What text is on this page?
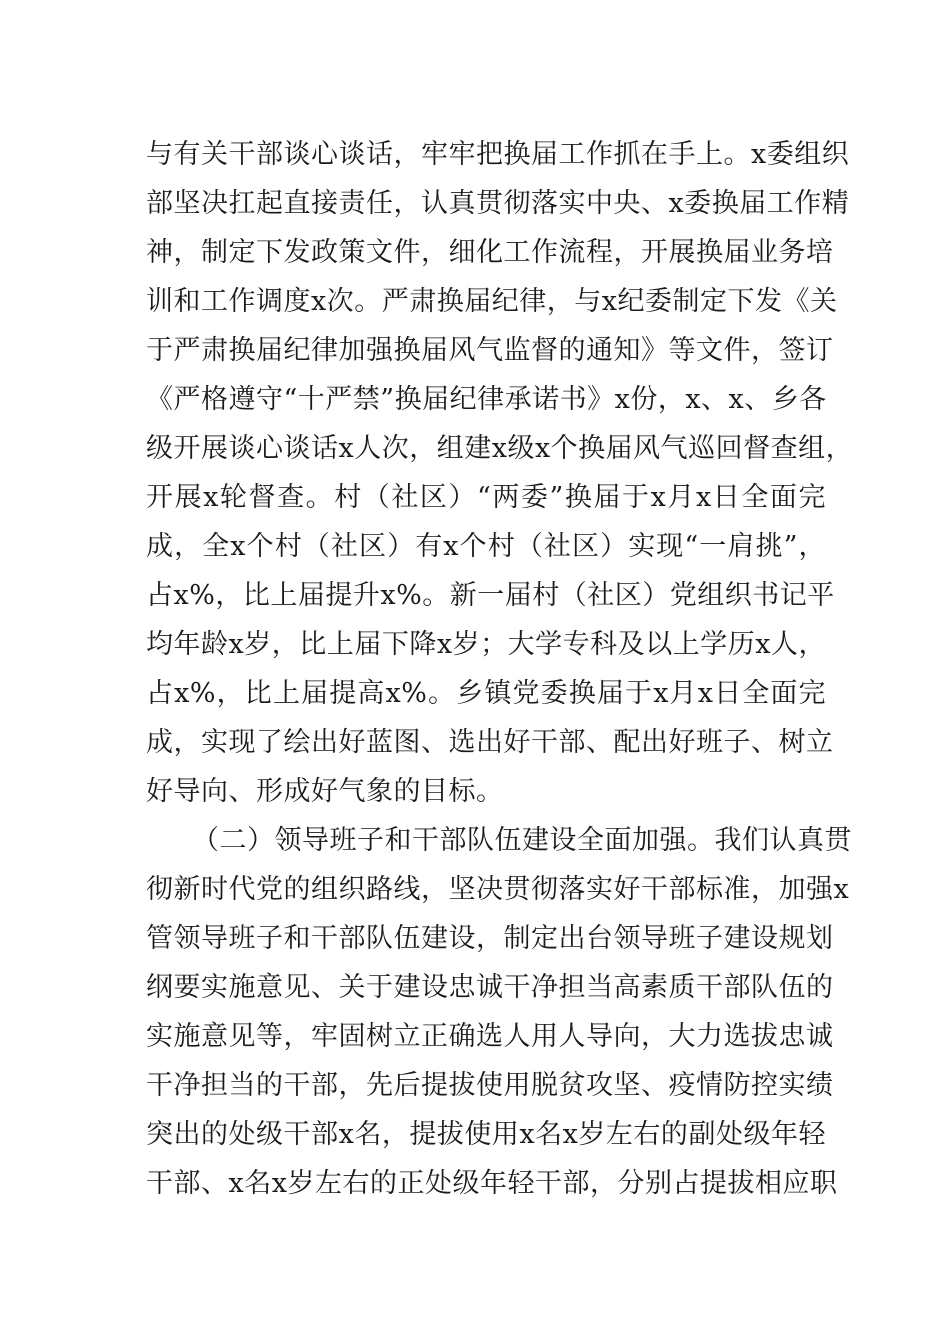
与有关干部谈心谈话，牢牢把换届工作抓在手上。x委组织
部坚决扛起直接责任，认真贯彻落实中央、x委换届工作精
神，制定下发政策文件，细化工作流程，开展换届业务培
训和工作调度x次。严肃换届纪律，与x纪委制定下发《关
于严肃换届纪律加强换届风气监督的通知》等文件，签订
《严格遵守“十严禁”换届纪律承诺书》x份，x、x、乡各
级开展谈心谈话x人次，组建x级x个换届风气巡回督查组，
开展x轮督查。村（社区）“两委”换届于x月x日全面完
成，全x个村（社区）有x个村（社区）实现“一肩挑”，
占x%，比上届提升x%。新一届村（社区）党组织书记平
均年龄x岁，比上届下降x岁；大学专科及以上学历x人，
占x%，比上届提高x%。乡镇党委换届于x月x日全面完
成，实现了绘出好蓝图、选出好干部、配出好班子、树立
好导向、形成好气象的目标。
（二）领导班子和干部队伍建设全面加强。我们认真贯
彻新时代党的组织路线，坚决贯彻落实好干部标准，加强x
管领导班子和干部队伍建设，制定出台领导班子建设规划
纲要实施意见、关于建设忠诚干净担当高素质干部队伍的
实施意见等，牢固树立正确选人用人导向，大力选拔忠诚
干净担当的干部，先后提拔使用脱贫攻坚、疫情防控实绩
突出的处级干部x名，提拔使用x名x岁左右的副处级年轻
干部、x名x岁左右的正处级年轻干部，分别占提拔相应职
